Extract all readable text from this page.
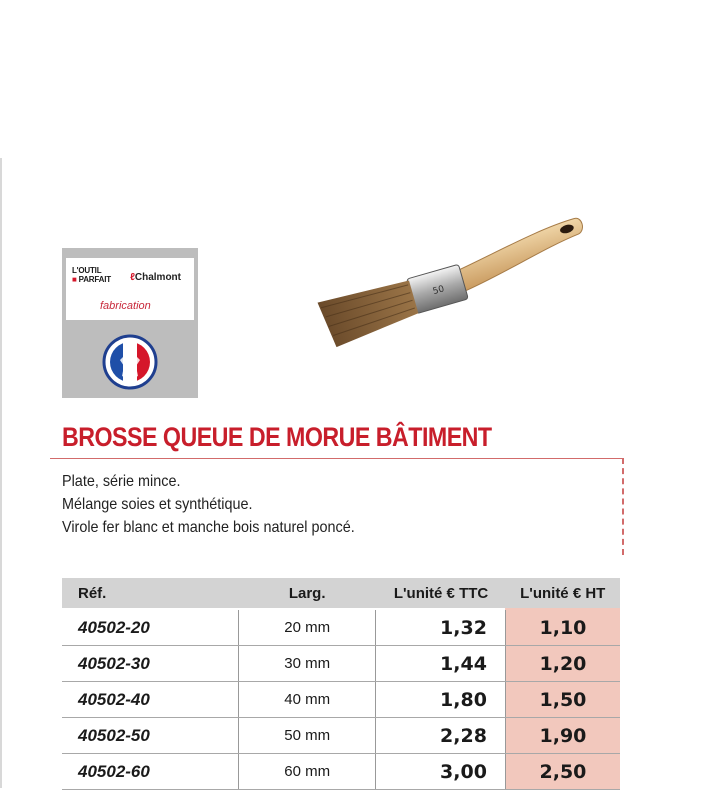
L'OUTIL
■ PARFAIT ℓChalmont
fabrication
50
BROSSE QUEUE DE MORUE BÂTIMENT
Plate, série mince.
Mélange soies et synthétique.
Virole fer blanc et manche bois naturel poncé.
Réf.	Larg.	L'unité € TTC	L'unité € HT

40502-20	20 mm	1,32	1,10
40502-30	30 mm	1,44	1,20
40502-40	40 mm	1,80	1,50
40502-50	50 mm	2,28	1,90
40502-60	60 mm	3,00	2,50
